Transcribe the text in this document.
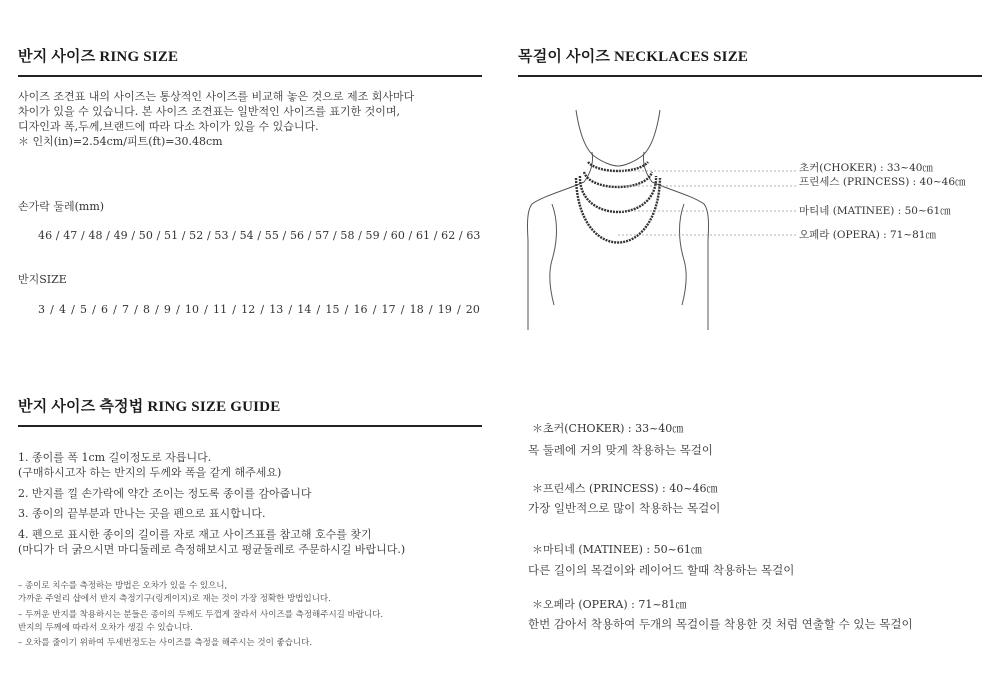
반지 사이즈 RING SIZE
사이즈 조견표 내의 사이즈는 통상적인 사이즈를 비교해 놓은 것으로 제조 회사마다
차이가 있을 수 있습니다. 본 사이즈 조견표는 일반적인 사이즈를 표기한 것이며,
디자인과 폭,두께,브랜드에 따라 다소 차이가 있을 수 있습니다.
＊ 인치(in)=2.54cm/피트(ft)=30.48cm
손가락 둘레(mm)
46 / 47 / 48 / 49 / 50 / 51 / 52 / 53 / 54 / 55 / 56 / 57 / 58 / 59 / 60 / 61 / 62 / 63
반지SIZE
3 / 4 / 5 / 6 / 7 / 8 / 9 / 10 / 11 / 12 / 13 / 14 / 15 / 16 / 17 / 18 / 19 / 20
반지 사이즈 측정법 RING SIZE GUIDE
1. 종이를 폭 1cm 길이정도로 자릅니다.
(구매하시고자 하는 반지의 두께와 폭을 같게 해주세요)
2. 반지를 낄 손가락에 약간 조이는 정도록 종이를 감아줍니다
3. 종이의 끝부분과 만나는 곳을 펜으로 표시합니다.
4. 펜으로 표시한 종이의 길이를 자로 재고 사이즈표를 참고해 호수를 찾기
(마디가 더 굵으시면 마디둘레로 측정해보시고 평균둘레로 주문하시길 바랍니다.)
– 종이로 치수를 측정하는 방법은 오차가 있을 수 있으니,
가까운 주얼리 샵에서 반지 측정기구(링게이지)로 재는 것이 가장 정확한 방법입니다.
– 두꺼운 반지를 착용하시는 분들은 종이의 두께도 두껍게 잘라서 사이즈를 측정해주시길 바랍니다.
반지의 두께에 따라서 오차가 생길 수 있습니다.
– 오차를 줄이기 위하여 두세번정도는 사이즈를 측정을 해주시는 것이 좋습니다.
목걸이 사이즈 NECKLACES SIZE
초커(CHOKER) : 33~40㎝
프린세스 (PRINCESS) : 40~46㎝
마티네 (MATINEE) : 50~61㎝
오페라 (OPERA) : 71~81㎝
＊초커(CHOKER) : 33~40㎝
목 둘레에 거의 맞게 착용하는 목걸이
＊프린세스 (PRINCESS) : 40~46㎝
가장 일반적으로 많이 착용하는 목걸이
＊마티네 (MATINEE) : 50~61㎝
다른 길이의 목걸이와 레이어드 할때 착용하는 목걸이
＊오페라 (OPERA) : 71~81㎝
한번 감아서 착용하여 두개의 목걸이를 착용한 것 처럼 연출할 수 있는 목걸이
